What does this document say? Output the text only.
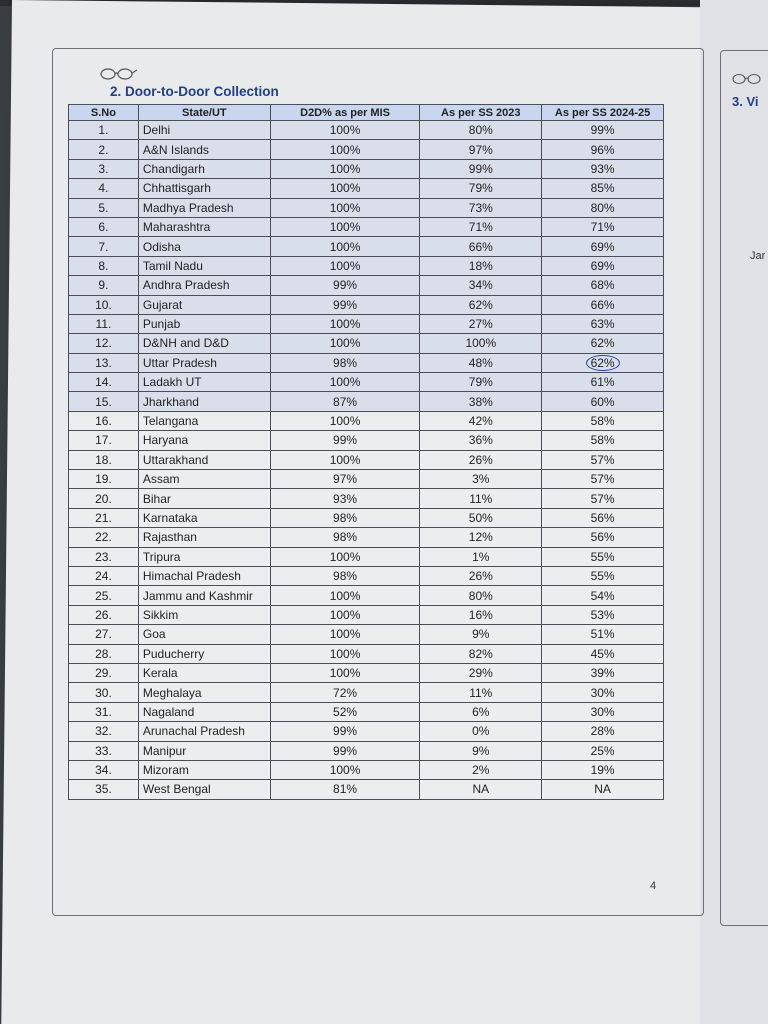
2. Door-to-Door Collection
S.No	State/UT	D2D% as per MIS	As per SS 2023	As per SS 2024-25
1.	Delhi	100%	80%	99%
2.	A&N Islands	100%	97%	96%
3.	Chandigarh	100%	99%	93%
4.	Chhattisgarh	100%	79%	85%
5.	Madhya Pradesh	100%	73%	80%
6.	Maharashtra	100%	71%	71%
7.	Odisha	100%	66%	69%
8.	Tamil Nadu	100%	18%	69%
9.	Andhra Pradesh	99%	34%	68%
10.	Gujarat	99%	62%	66%
11.	Punjab	100%	27%	63%
12.	D&NH and D&D	100%	100%	62%
13.	Uttar Pradesh	98%	48%	62%
14.	Ladakh UT	100%	79%	61%
15.	Jharkhand	87%	38%	60%
16.	Telangana	100%	42%	58%
17.	Haryana	99%	36%	58%
18.	Uttarakhand	100%	26%	57%
19.	Assam	97%	3%	57%
20.	Bihar	93%	11%	57%
21.	Karnataka	98%	50%	56%
22.	Rajasthan	98%	12%	56%
23.	Tripura	100%	1%	55%
24.	Himachal Pradesh	98%	26%	55%
25.	Jammu and Kashmir	100%	80%	54%
26.	Sikkim	100%	16%	53%
27.	Goa	100%	9%	51%
28.	Puducherry	100%	82%	45%
29.	Kerala	100%	29%	39%
30.	Meghalaya	72%	11%	30%
31.	Nagaland	52%	6%	30%
32.	Arunachal Pradesh	99%	0%	28%
33.	Manipur	99%	9%	25%
34.	Mizoram	100%	2%	19%
35.	West Bengal	81%	NA	NA
4
3. Vi
Jar
